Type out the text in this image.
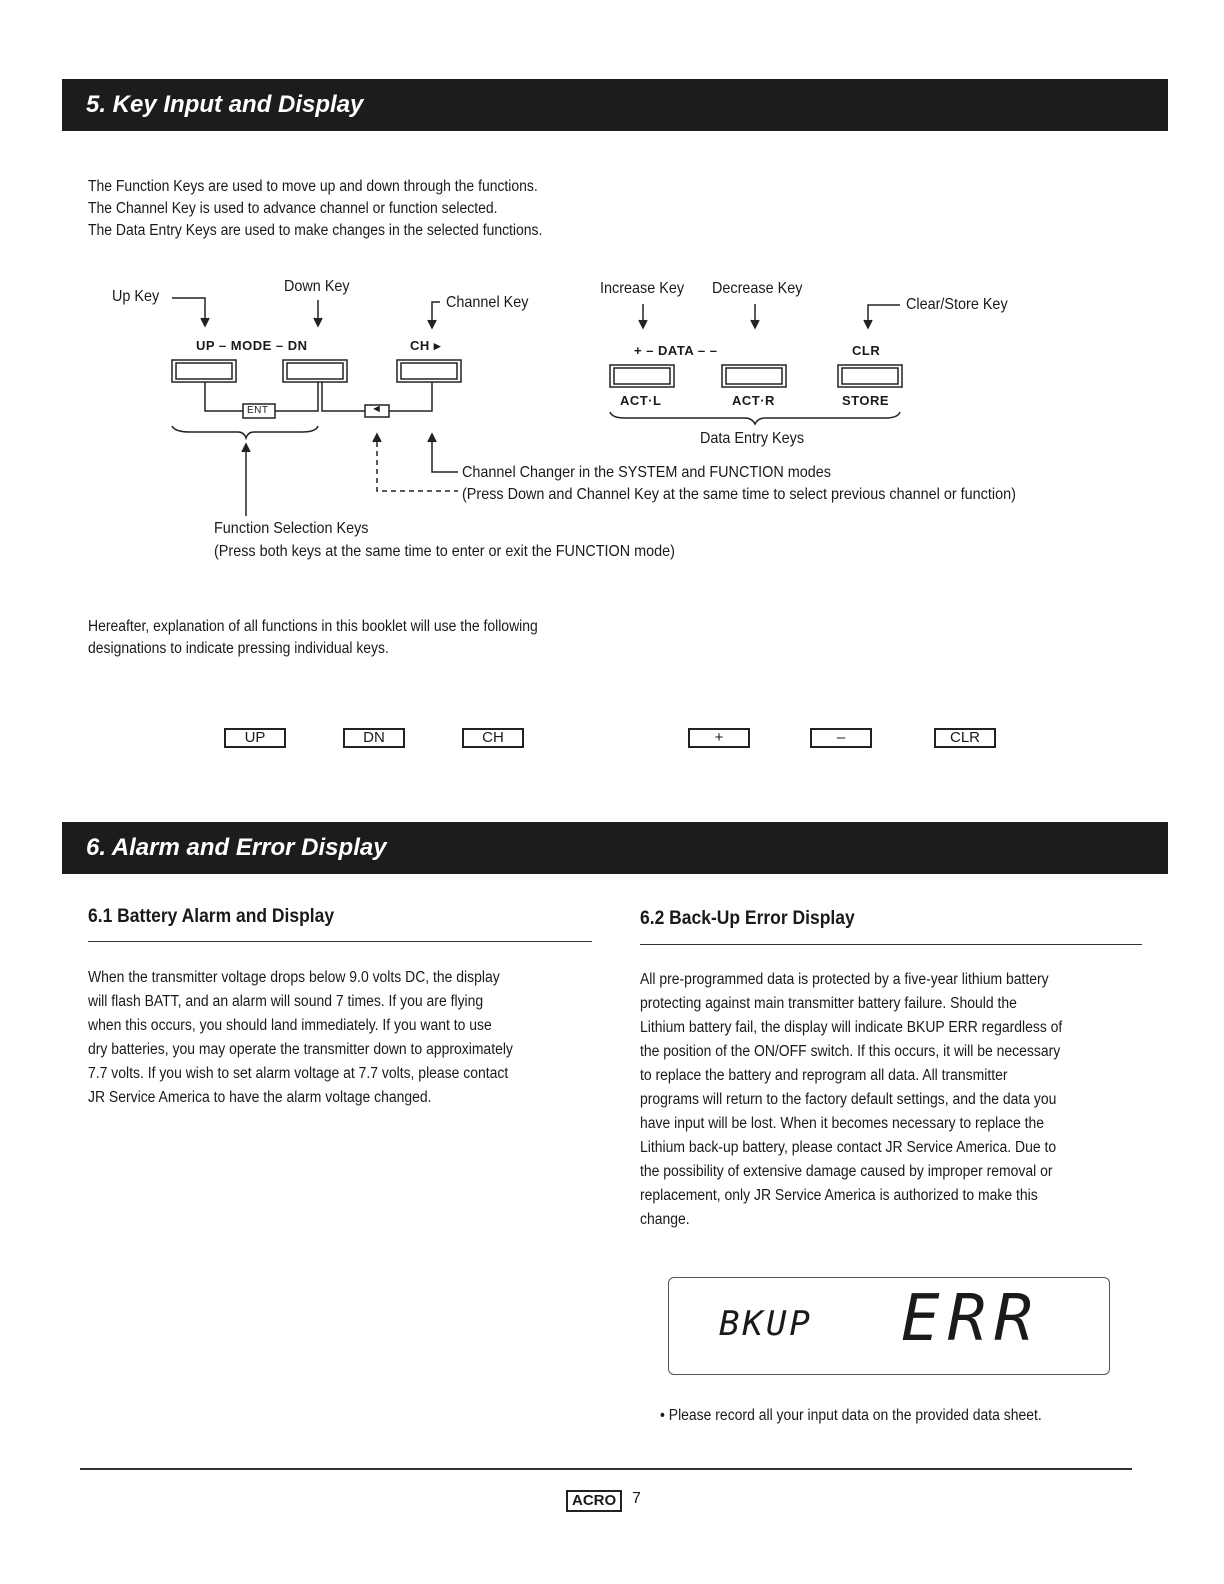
5. Key Input and Display
The Function Keys are used to move up and down through the functions.
The Channel Key is used to advance channel or function selected.
The Data Entry Keys are used to make changes in the selected functions.
Up Key
Down Key
Channel Key
Increase Key Decrease Key
Clear/Store Key
UP – MODE – DN	CH ▸	+ – DATA – –	CLR
ENT	◄
ACT·L	ACT·R	STORE
Data Entry Keys
Channel Changer in the SYSTEM and FUNCTION modes
(Press Down and Channel Key at the same time to select previous channel or function)
Function Selection Keys
(Press both keys at the same time to enter or exit the FUNCTION mode)
Hereafter, explanation of all functions in this booklet will use the following
designations to indicate pressing individual keys.
UP	DN	CH	+	–	CLR
6. Alarm and Error Display
6.1 Battery Alarm and Display
When the transmitter voltage drops below 9.0 volts DC, the display
will flash BATT, and an alarm will sound 7 times. If you are flying
when this occurs, you should land immediately. If you want to use
dry batteries, you may operate the transmitter down to approximately
7.7 volts. If you wish to set alarm voltage at 7.7 volts, please contact
JR Service America to have the alarm voltage changed.
6.2 Back-Up Error Display
All pre-programmed data is protected by a five-year lithium battery
protecting against main transmitter battery failure. Should the
Lithium battery fail, the display will indicate BKUP ERR regardless of
the position of the ON/OFF switch. If this occurs, it will be necessary
to replace the battery and reprogram all data. All transmitter
programs will return to the factory default settings, and the data you
have input will be lost. When it becomes necessary to replace the
Lithium back-up battery, please contact JR Service America. Due to
the possibility of extensive damage caused by improper removal or
replacement, only JR Service America is authorized to make this
change.
BKUP ERR
• Please record all your input data on the provided data sheet.
ACRO 7
